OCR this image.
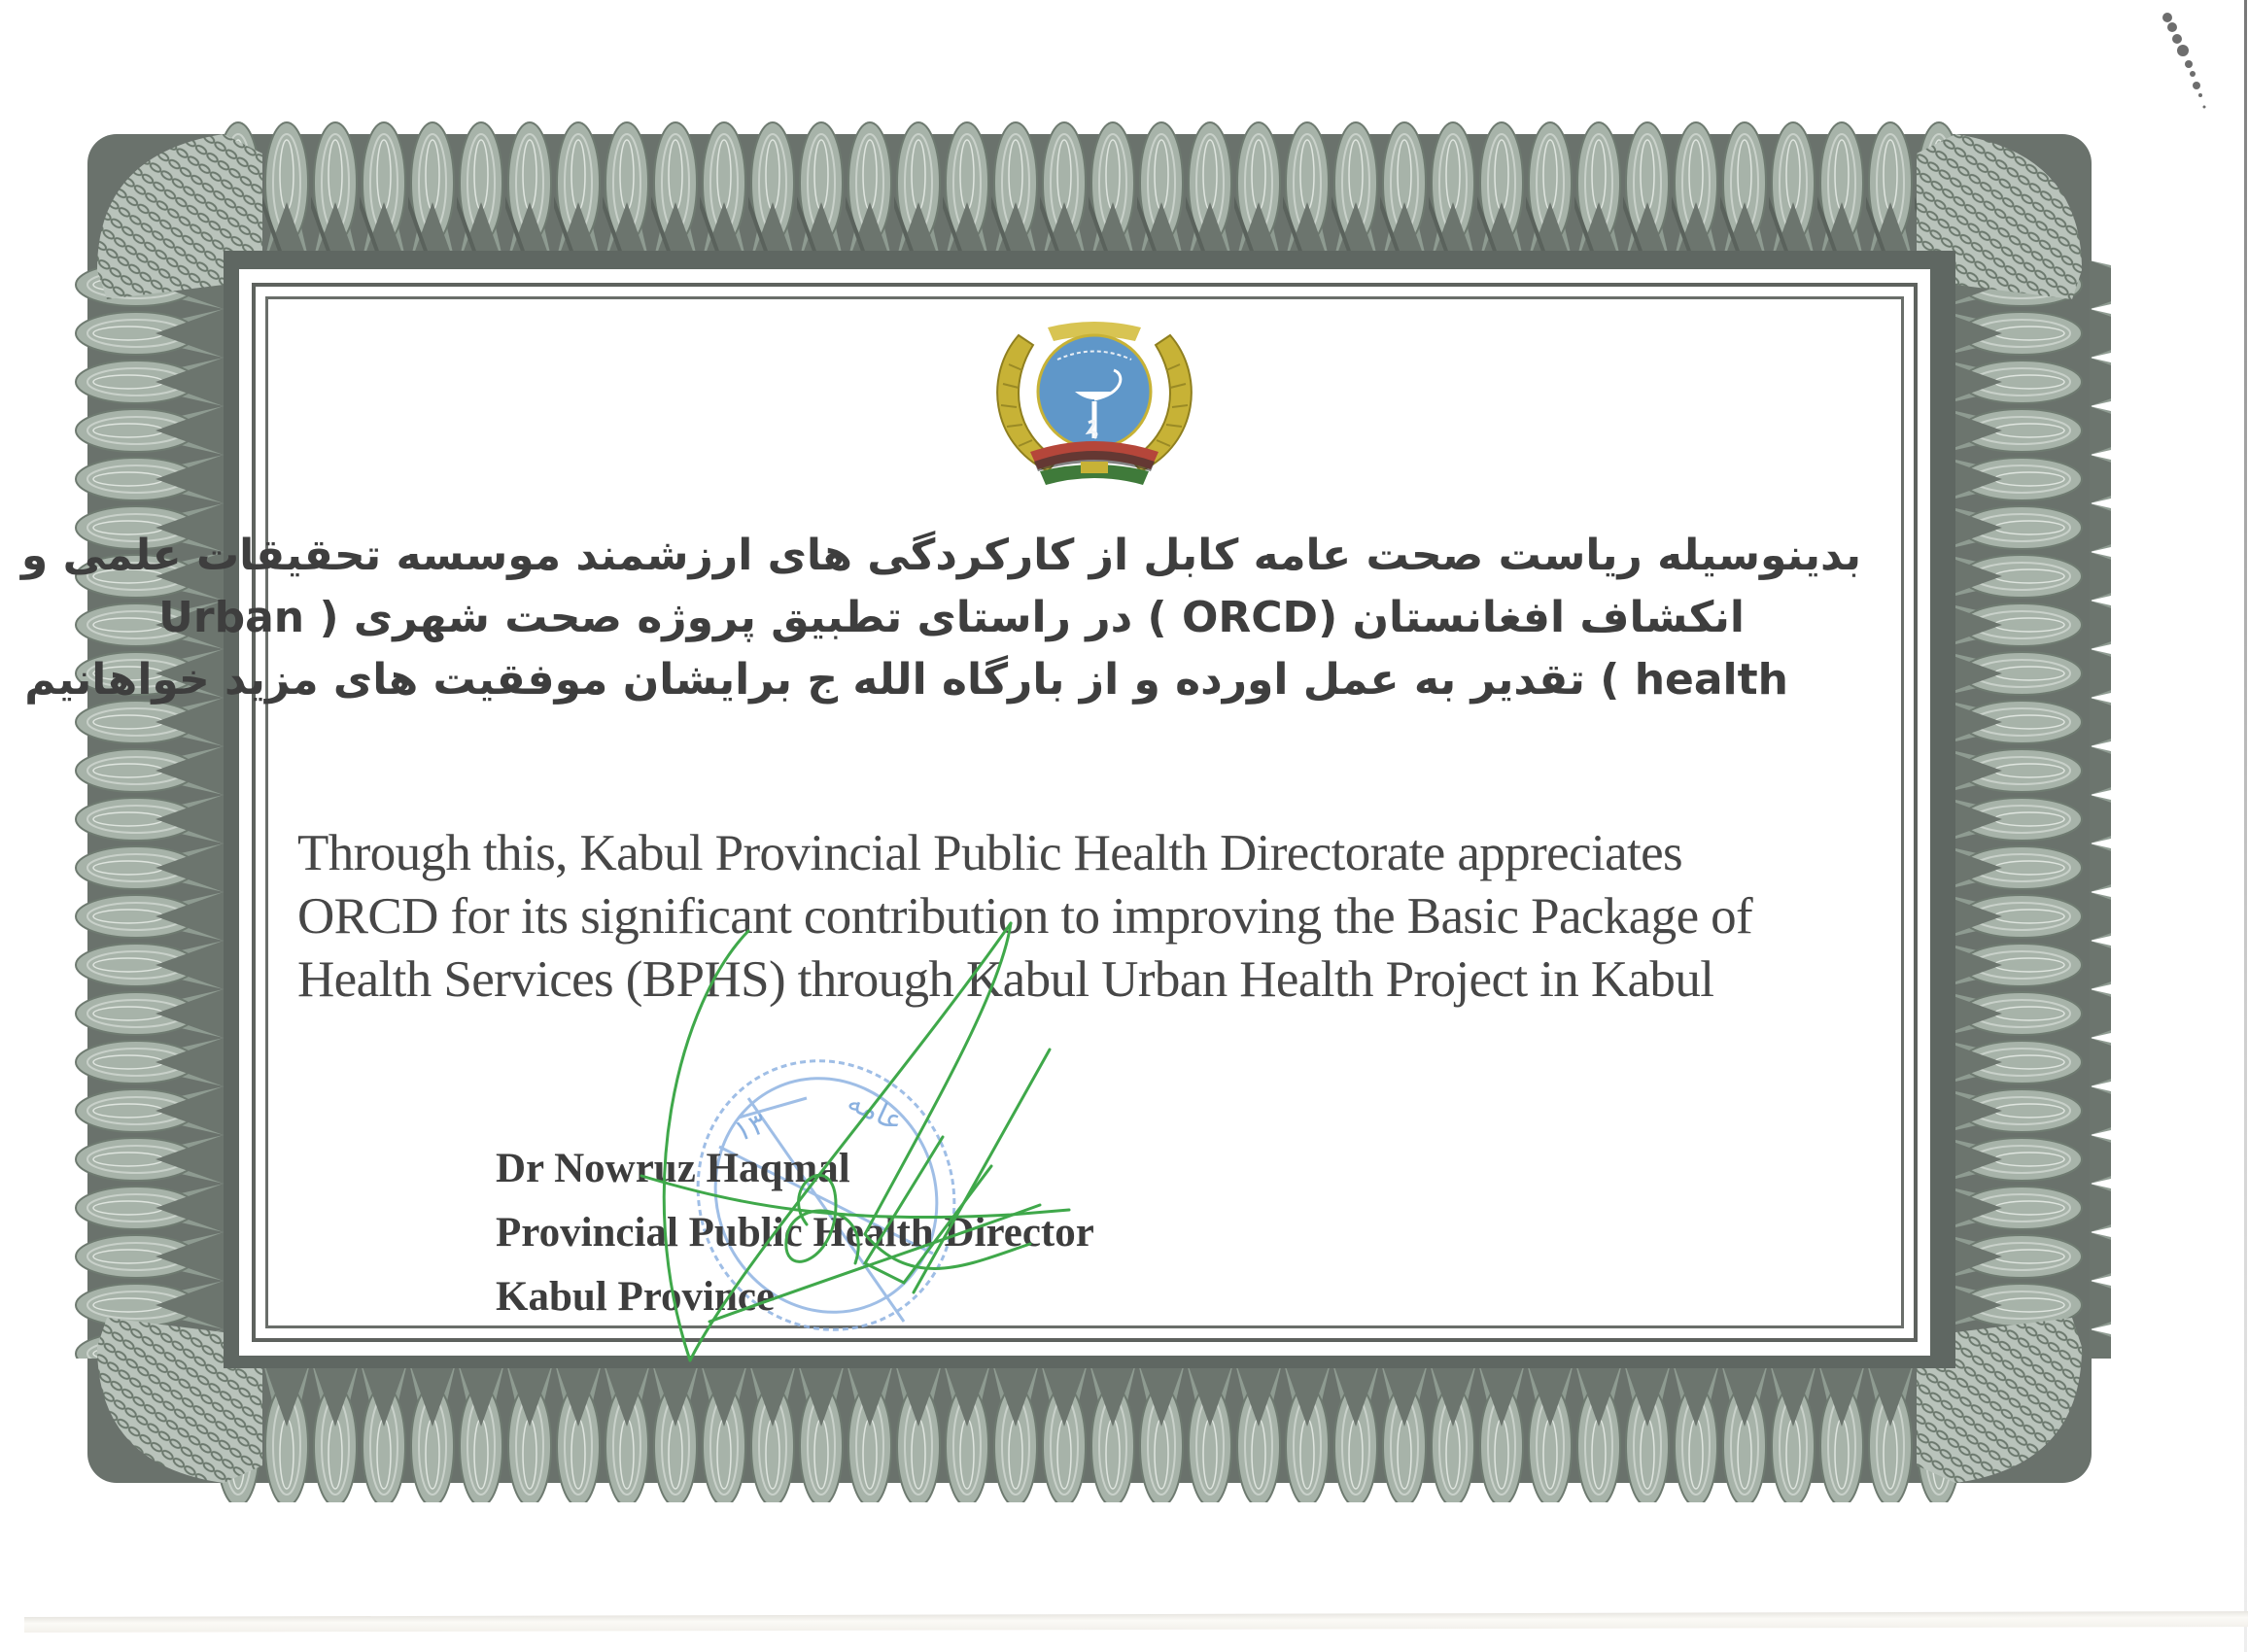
بدینوسیله ریاست صحت عامه کابل از کارکردگی های ارزشمند موسسه تحقیقات علمی و
انکشاف افغانستان (ORCD ) در راستای تطبیق پروژه صحت شهری ( Urban
health ) تقدیر به عمل اورده و از بارگاه الله ج برایشان موفقیت های مزید خواهانیم
Through this, Kabul Provincial Public Health Directorate appreciates
ORCD for its significant contribution to improving the Basic Package of
Health Services (BPHS) through Kabul Urban Health Project in Kabul
عامه
۱۳
Dr Nowruz Haqmal
Provincial Public Health Director
Kabul Province
